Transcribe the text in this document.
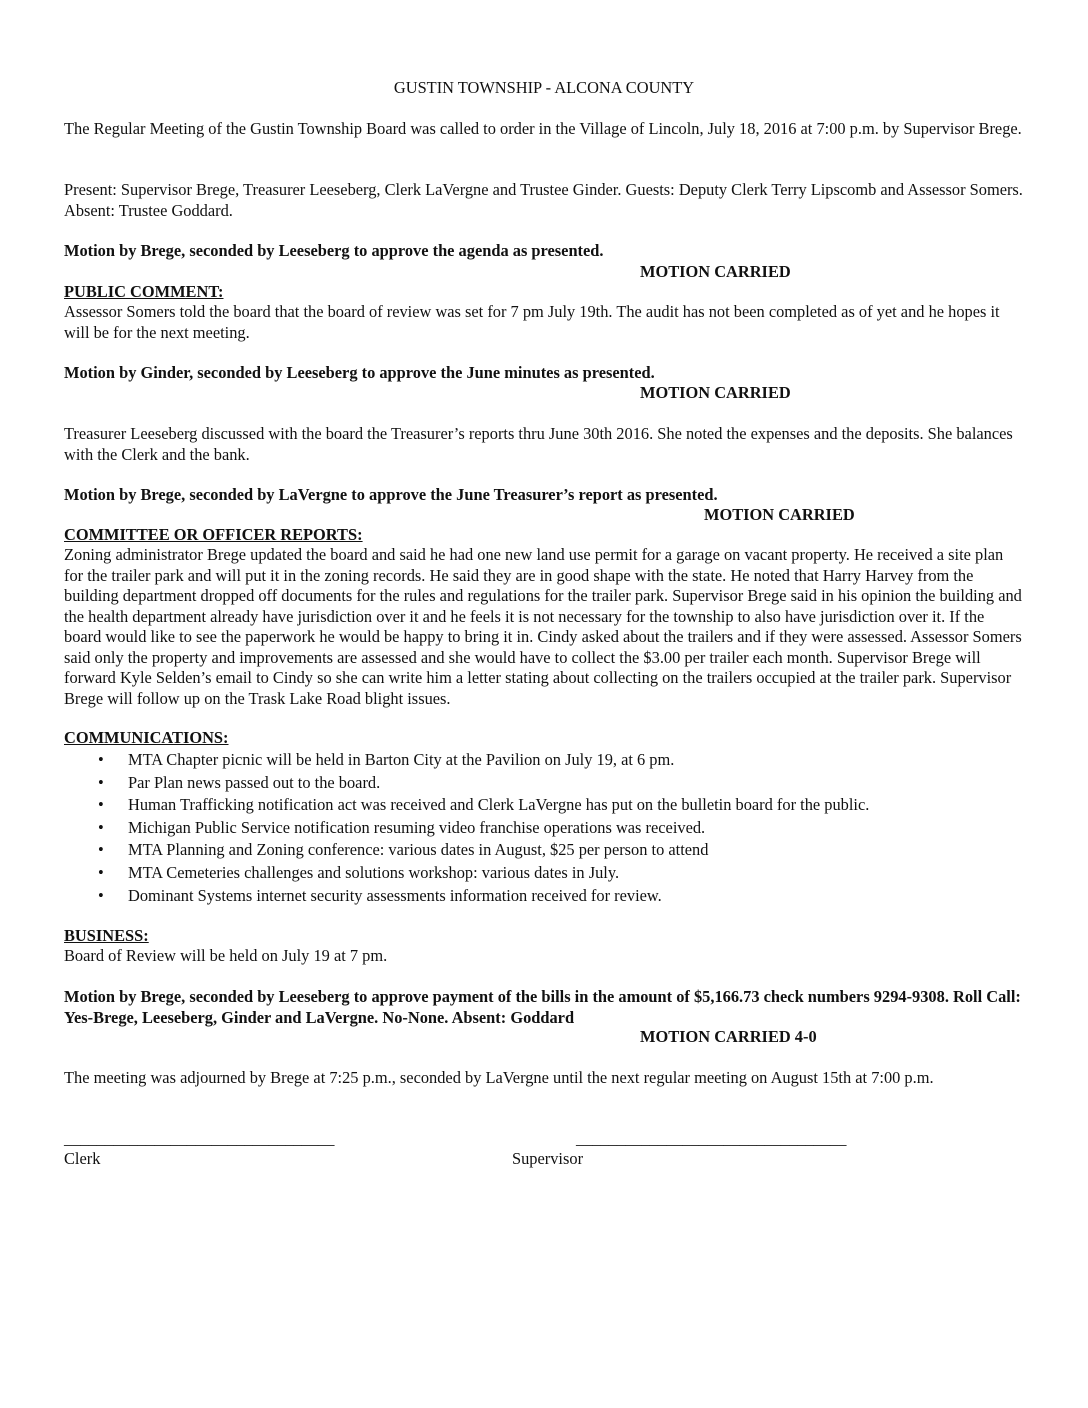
GUSTIN TOWNSHIP - ALCONA COUNTY

The Regular Meeting of the Gustin Township Board was called to order in the Village of Lincoln, July 18, 2016 at 7:00 p.m. by Supervisor Brege.

Present: Supervisor Brege, Treasurer Leeseberg, Clerk LaVergne and Trustee Ginder. Guests: Deputy Clerk Terry Lipscomb and Assessor Somers. Absent: Trustee Goddard.

Motion by Brege, seconded by Leeseberg to approve the agenda as presented.

MOTION CARRIED

PUBLIC COMMENT:

Assessor Somers told the board that the board of review was set for 7 pm July 19th. The audit has not been completed as of yet and he hopes it will be for the next meeting.

Motion by Ginder, seconded by Leeseberg to approve the June minutes as presented.

MOTION CARRIED

Treasurer Leeseberg discussed with the board the Treasurer’s reports thru June 30th 2016. She noted the expenses and the deposits. She balances with the Clerk and the bank.

Motion by Brege, seconded by LaVergne to approve the June Treasurer’s report as presented.

MOTION CARRIED

COMMITTEE OR OFFICER REPORTS:

Zoning administrator Brege updated the board and said he had one new land use permit for a garage on vacant property. He received a site plan for the trailer park and will put it in the zoning records. He said they are in good shape with the state. He noted that Harry Harvey from the building department dropped off documents for the rules and regulations for the trailer park. Supervisor Brege said in his opinion the building and the health department already have jurisdiction over it and he feels it is not necessary for the township to also have jurisdiction over it. If the board would like to see the paperwork he would be happy to bring it in. Cindy asked about the trailers and if they were assessed. Assessor Somers said only the property and improvements are assessed and she would have to collect the $3.00 per trailer each month. Supervisor Brege will forward Kyle Selden’s email to Cindy so she can write him a letter stating about collecting on the trailers occupied at the trailer park. Supervisor Brege will follow up on the Trask Lake Road blight issues.

COMMUNICATIONS:

• MTA Chapter picnic will be held in Barton City at the Pavilion on July 19, at 6 pm.
• Par Plan news passed out to the board.
• Human Trafficking notification act was received and Clerk LaVergne has put on the bulletin board for the public.
• Michigan Public Service notification resuming video franchise operations was received.
• MTA Planning and Zoning conference: various dates in August, $25 per person to attend
• MTA Cemeteries challenges and solutions workshop: various dates in July.
• Dominant Systems internet security assessments information received for review.

BUSINESS:

Board of Review will be held on July 19 at 7 pm.

Motion by Brege, seconded by Leeseberg to approve payment of the bills in the amount of $5,166.73 check numbers 9294-9308. Roll Call: Yes-Brege, Leeseberg, Ginder and LaVergne. No-None. Absent: Goddard

MOTION CARRIED 4-0

The meeting was adjourned by Brege at 7:25 p.m., seconded by LaVergne until the next regular meeting on August 15th at 7:00 p.m.

_________________________________	_________________________________
Clerk	Supervisor
